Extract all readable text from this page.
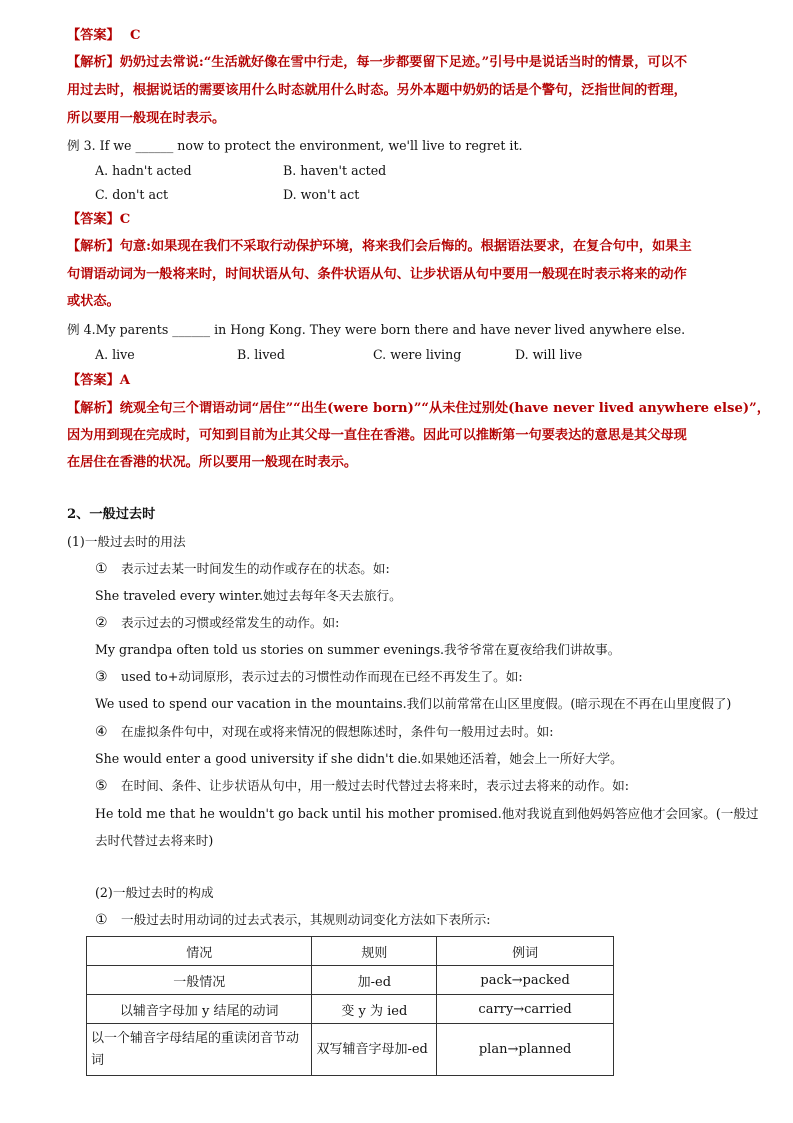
【答案】 C
【解析】奶奶过去常说:“生活就好像在雪中行走，每一步都要留下足迹。”引号中是说话当时的情景，可以不
用过去时，根据说话的需要该用什么时态就用什么时态。另外本题中奶奶的话是个警句，泛指世间的哲理，
所以要用一般现在时表示。
例 3. If we ______ now to protect the environment, we'll live to regret it.
A. hadn't acted	B. haven't acted
C. don't act	D. won't act
【答案】C
【解析】句意:如果现在我们不采取行动保护环境，将来我们会后悔的。根据语法要求，在复合句中，如果主
句谓语动词为一般将来时，时间状语从句、条件状语从句、让步状语从句中要用一般现在时表示将来的动作
或状态。
例 4.My parents ______ in Hong Kong. They were born there and have never lived anywhere else.
A. live	B. lived	C. were living	D. will live
【答案】A
【解析】统观全句三个谓语动词“居住”“出生(were born)”“从未住过别处(have never lived anywhere else)”，
因为用到现在完成时，可知到目前为止其父母一直住在香港。因此可以推断第一句要表达的意思是其父母现
在居住在香港的状况。所以要用一般现在时表示。
2、一般过去时
(1)一般过去时的用法
① 表示过去某一时间发生的动作或存在的状态。如:
She traveled every winter.她过去每年冬天去旅行。
② 表示过去的习惯或经常发生的动作。如:
My grandpa often told us stories on summer evenings.我爷爷常在夏夜给我们讲故事。
③ used to+动词原形，表示过去的习惯性动作而现在已经不再发生了。如:
We used to spend our vacation in the mountains.我们以前常常在山区里度假。(暗示现在不再在山里度假了)
④ 在虚拟条件句中，对现在或将来情况的假想陈述时，条件句一般用过去时。如:
She would enter a good university if she didn't die.如果她还活着，她会上一所好大学。
⑤ 在时间、条件、让步状语从句中，用一般过去时代替过去将来时，表示过去将来的动作。如:
He told me that he wouldn't go back until his mother promised.他对我说直到他妈妈答应他才会回家。(一般过
去时代替过去将来时)
(2)一般过去时的构成
① 一般过去时用动词的过去式表示，其规则动词变化方法如下表所示:
情况	规则	例词
一般情况	加-ed	pack→packed
以辅音字母加 y 结尾的动词	变 y 为 ied	carry→carried
以一个辅音字母结尾的重读闭音节动词	双写辅音字母加-ed	plan→planned
